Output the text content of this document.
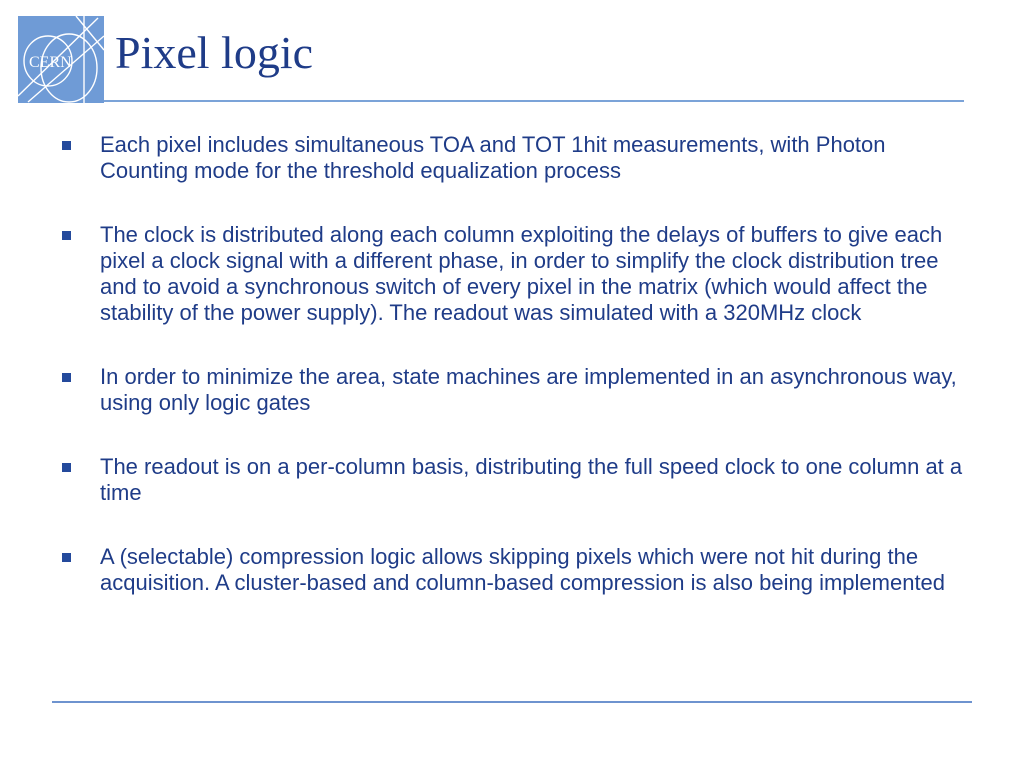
CERN Pixel logic
Each pixel includes simultaneous TOA and TOT 1hit measurements, with Photon Counting mode for the threshold equalization process
The clock is distributed along each column exploiting the delays of buffers to give each pixel a clock signal with a different phase, in order to simplify the clock distribution tree and to avoid a synchronous switch of every pixel in the matrix (which would affect the stability of the power supply). The readout was simulated with a 320MHz clock
In order to minimize the area, state machines are implemented in an asynchronous way, using only logic gates
The readout is on a per-column basis, distributing the full speed clock to one column at a time
A (selectable) compression logic allows skipping pixels which were not hit during the acquisition. A cluster-based and column-based compression is also being implemented
